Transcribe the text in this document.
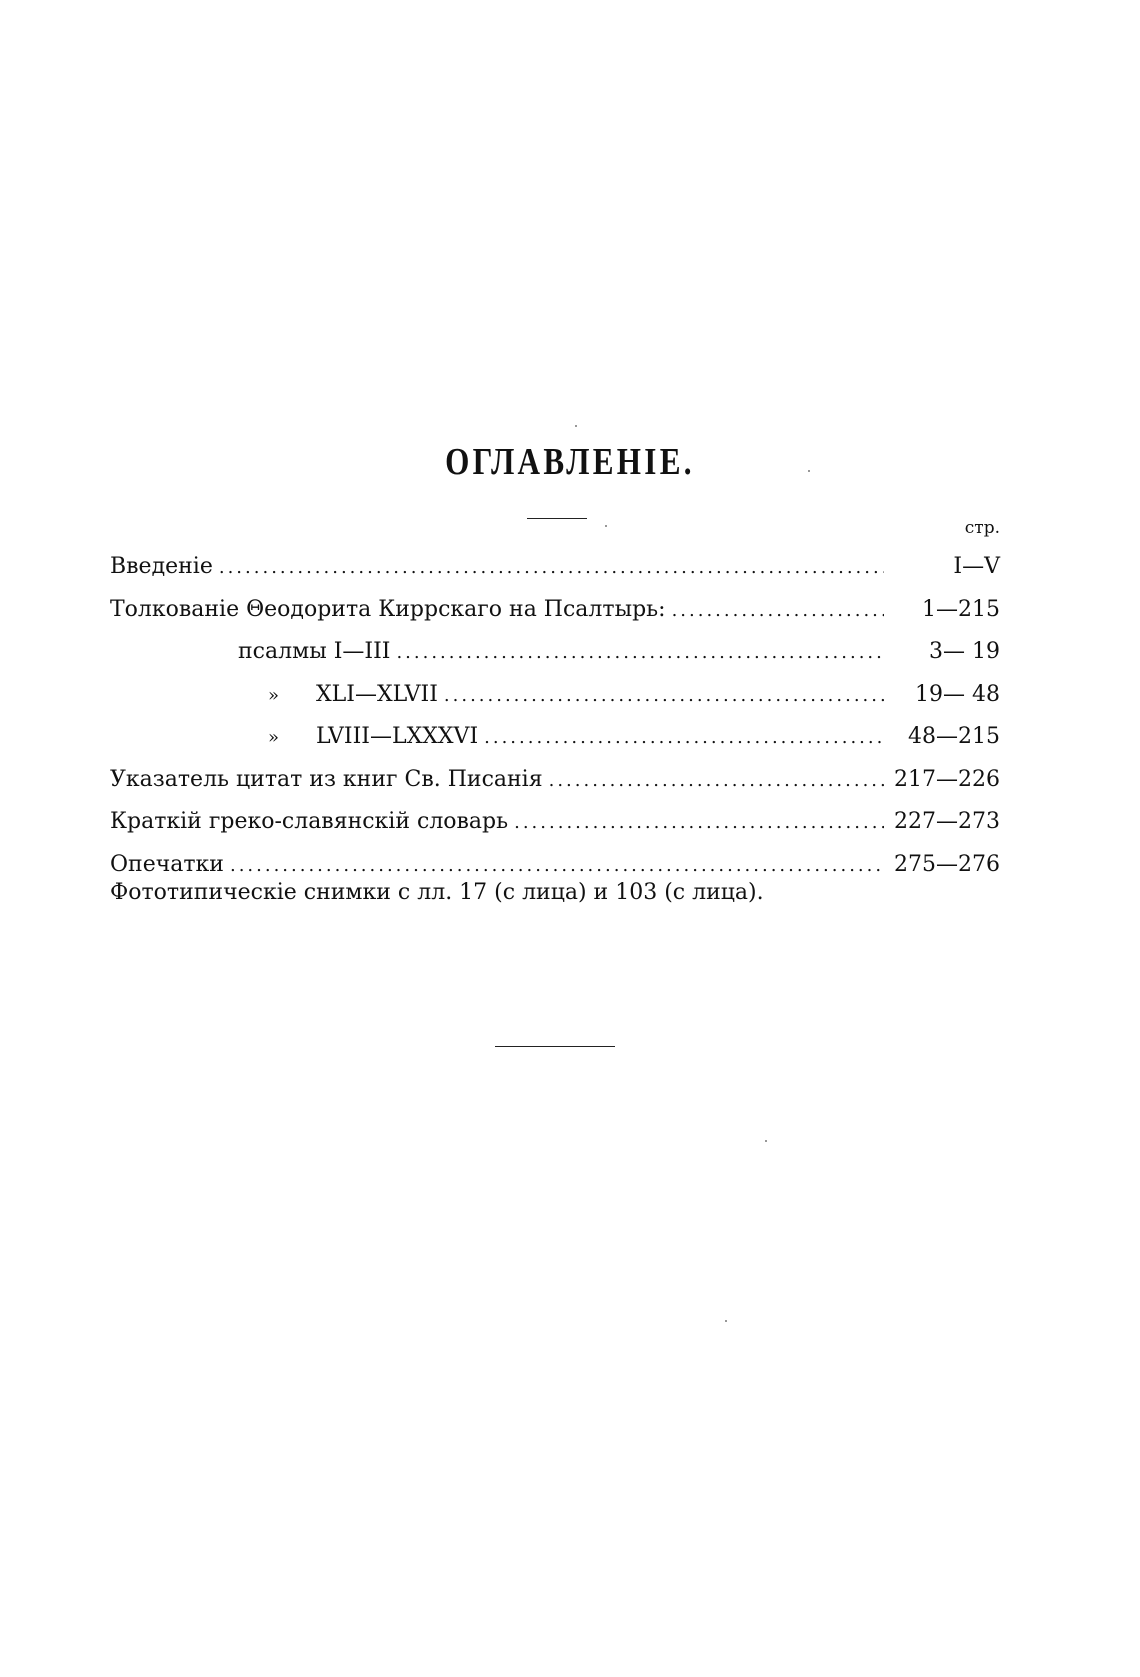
ОГЛАВЛЕНІЕ.
стр.
Введеніе .....	I—V
Толкованіе Θеодорита Киррскаго на Псалтырь: .....	1—215
псалмы I—III .....	3— 19
» XLI—XLVII .....	19— 48
» LVIII—LXXXVI .....	48—215
Указатель цитат из книг Св. Писанія .....	217—226
Краткій греко-славянскій словарь .....	227—273
Опечатки .....	275—276
Фототипическіе снимки с лл. 17 (с лица) и 103 (с лица).
